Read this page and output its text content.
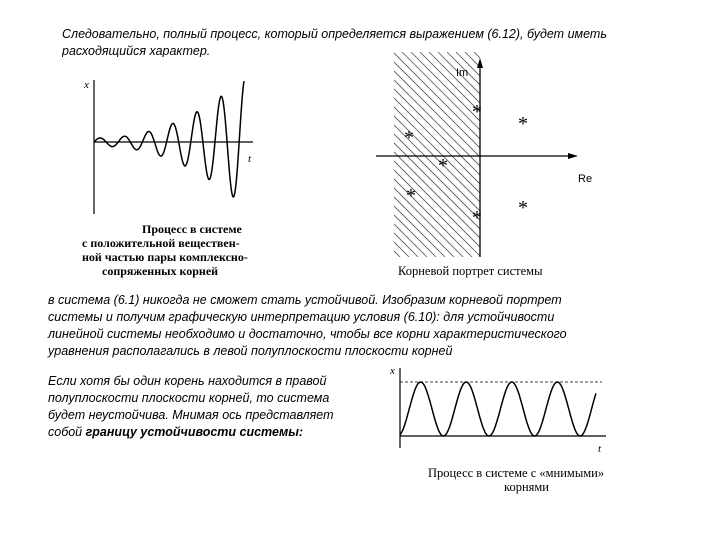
Следовательно, полный процесс, который определяется выражением (6.12), будет иметь
расходящийся характер.
x
t
Процесс в системе
с положительной веществен-
ной частью пары комплексно-
сопряженных корней
Im
Re
*
*
*
*
*
* *
Корневой портрет системы
в система (6.1) никогда не сможет стать устойчивой. Изобразим корневой портрет
системы и получим графическую интерпретацию условия (6.10): для устойчивости
линейной системы необходимо и достаточно, чтобы все корни характеристического
уравнения располагались в левой полуплоскости плоскости корней
Если хотя бы один корень находится в правой
полуплоскости плоскости корней, то система
будет неустойчива. Мнимая ось представляет
собой границу устойчивости системы:
x
t
Процесс в системе с «мнимыми»
корнями
